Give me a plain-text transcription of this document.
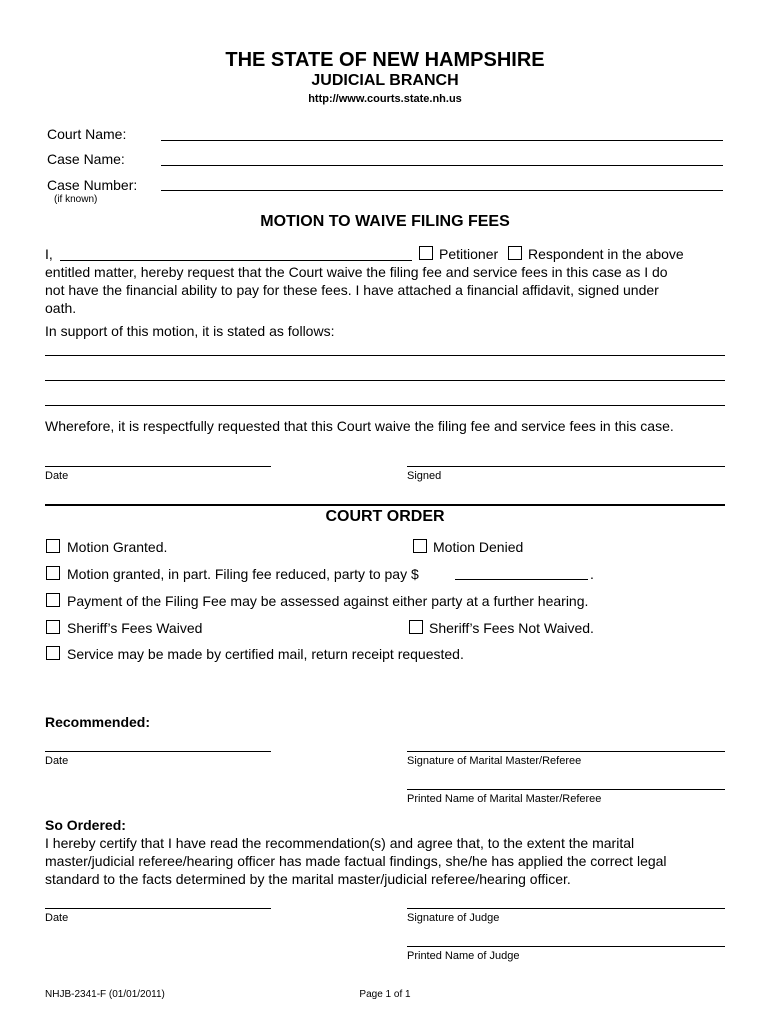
THE STATE OF NEW HAMPSHIRE
JUDICIAL BRANCH
http://www.courts.state.nh.us
Court Name:
Case Name:
Case Number:
(if known)
MOTION TO WAIVE FILING FEES
I,	Petitioner Respondent in the above
entitled matter, hereby request that the Court waive the filing fee and service fees in this case as I do
not have the financial ability to pay for these fees. I have attached a financial affidavit, signed under
oath.
In support of this motion, it is stated as follows:
Wherefore, it is respectfully requested that this Court waive the filing fee and service fees in this case.
Date	Signed
COURT ORDER
Motion Granted.	Motion Denied
Motion granted, in part. Filing fee reduced, party to pay $	.
Payment of the Filing Fee may be assessed against either party at a further hearing.
Sheriff’s Fees Waived	Sheriff’s Fees Not Waived.
Service may be made by certified mail, return receipt requested.
Recommended:
Date	Signature of Marital Master/Referee
Printed Name of Marital Master/Referee
So Ordered:
I hereby certify that I have read the recommendation(s) and agree that, to the extent the marital
master/judicial referee/hearing officer has made factual findings, she/he has applied the correct legal
standard to the facts determined by the marital master/judicial referee/hearing officer.
Date	Signature of Judge
Printed Name of Judge
NHJB-2341-F (01/01/2011)	Page 1 of 1
